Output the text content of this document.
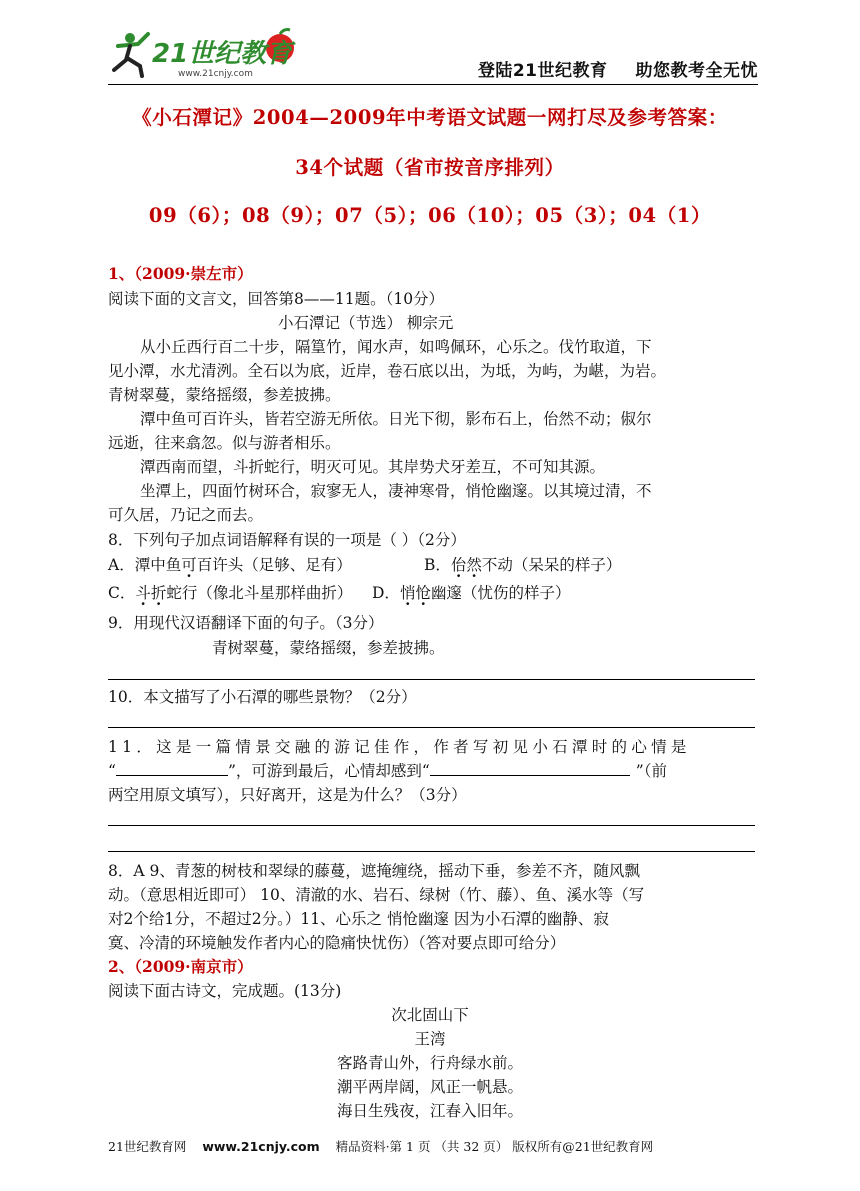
21世纪教育
www.21cnjy.com	登陆21世纪教育 助您教考全无忧
《小石潭记》2004—2009年中考语文试题一网打尽及参考答案：
34个试题（省市按音序排列）
09（6）；08（9）；07（5）；06（10）；05（3）；04（1）
1、（2009·崇左市）
阅读下面的文言文，回答第8——11题。（10分）
小石潭记（节选） 柳宗元
从小丘西行百二十步，隔篁竹，闻水声，如鸣佩环，心乐之。伐竹取道，下
见小潭，水尤清洌。全石以为底，近岸，卷石底以出，为坻，为屿，为嵁，为岩。
青树翠蔓，蒙络摇缀，参差披拂。
潭中鱼可百许头，皆若空游无所依。日光下彻，影布石上，佁然不动；俶尔
远逝，往来翕忽。似与游者相乐。
潭西南而望，斗折蛇行，明灭可见。其岸势犬牙差互，不可知其源。
坐潭上，四面竹树环合，寂寥无人，凄神寒骨，悄怆幽邃。以其境过清，不
可久居，乃记之而去。
8．下列句子加点词语解释有误的一项是（ ）（2分）
A．潭中鱼可百许头（足够、足有）	B．佁然不动（呆呆的样子）
C．斗折蛇行（像北斗星那样曲折） D．悄怆幽邃（忧伤的样子）
9．用现代汉语翻译下面的句子。（3分）
青树翠蔓，蒙络摇缀，参差披拂。
10．本文描写了小石潭的哪些景物？（2分）
11．这是一篇情景交融的游记佳作，作者写初见小石潭时的心情是
“	”，可游到最后，心情却感到“	”（前
两空用原文填写），只好离开，这是为什么？（3分）
8．A 9、青葱的树枝和翠绿的藤蔓，遮掩缠绕，摇动下垂，参差不齐，随风飘
动。（意思相近即可） 10、清澈的水、岩石、绿树（竹、藤）、鱼、溪水等（写
对2个给1分，不超过2分。）11、心乐之 悄怆幽邃 因为小石潭的幽静、寂
寞、冷清的环境触发作者内心的隐痛快忧伤）（答对要点即可给分）
2、（2009·南京市）
阅读下面古诗文，完成题。(13分)
次北固山下
王湾
客路青山外，行舟绿水前。
潮平两岸阔，风正一帆悬。
海日生残夜，江春入旧年。
21世纪教育网 www.21cnjy.com 精品资料·第 1 页 （共 32 页） 版权所有@21世纪教育网
